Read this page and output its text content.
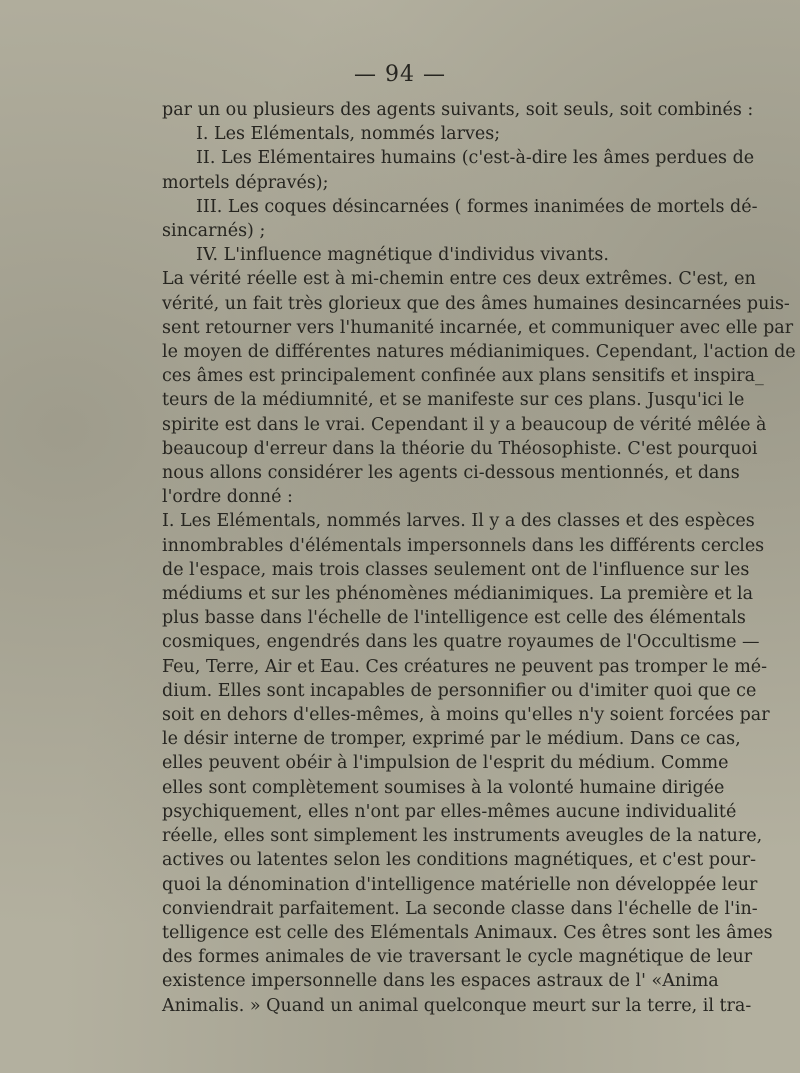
— 94 —
par un ou plusieurs des agents suivants, soit seuls, soit combinés :
I. Les Elémentals, nommés larves;
II. Les Elémentaires humains (c'est-à-dire les âmes perdues de
mortels dépravés);
III. Les coques désincarnées ( formes inanimées de mortels dé-
sincarnés) ;
IV. L'influence magnétique d'individus vivants.
La vérité réelle est à mi-chemin entre ces deux extrêmes. C'est, en
vérité, un fait très glorieux que des âmes humaines desincarnées puis-
sent retourner vers l'humanité incarnée, et communiquer avec elle par
le moyen de différentes natures médianimiques. Cependant, l'action de
ces âmes est principalement confinée aux plans sensitifs et inspira_
teurs de la médiumnité, et se manifeste sur ces plans. Jusqu'ici le
spirite est dans le vrai. Cependant il y a beaucoup de vérité mêlée à
beaucoup d'erreur dans la théorie du Théosophiste. C'est pourquoi
nous allons considérer les agents ci-dessous mentionnés, et dans
l'ordre donné :
I. Les Elémentals, nommés larves. Il y a des classes et des espèces
innombrables d'élémentals impersonnels dans les différents cercles
de l'espace, mais trois classes seulement ont de l'influence sur les
médiums et sur les phénomènes médianimiques. La première et la
plus basse dans l'échelle de l'intelligence est celle des élémentals
cosmiques, engendrés dans les quatre royaumes de l'Occultisme —
Feu, Terre, Air et Eau. Ces créatures ne peuvent pas tromper le mé-
dium. Elles sont incapables de personnifier ou d'imiter quoi que ce
soit en dehors d'elles-mêmes, à moins qu'elles n'y soient forcées par
le désir interne de tromper, exprimé par le médium. Dans ce cas,
elles peuvent obéir à l'impulsion de l'esprit du médium. Comme
elles sont complètement soumises à la volonté humaine dirigée
psychiquement, elles n'ont par elles-mêmes aucune individualité
réelle, elles sont simplement les instruments aveugles de la nature,
actives ou latentes selon les conditions magnétiques, et c'est pour-
quoi la dénomination d'intelligence matérielle non développée leur
conviendrait parfaitement. La seconde classe dans l'échelle de l'in-
telligence est celle des Elémentals Animaux. Ces êtres sont les âmes
des formes animales de vie traversant le cycle magnétique de leur
existence impersonnelle dans les espaces astraux de l' «Anima
Animalis. » Quand un animal quelconque meurt sur la terre, il tra-
